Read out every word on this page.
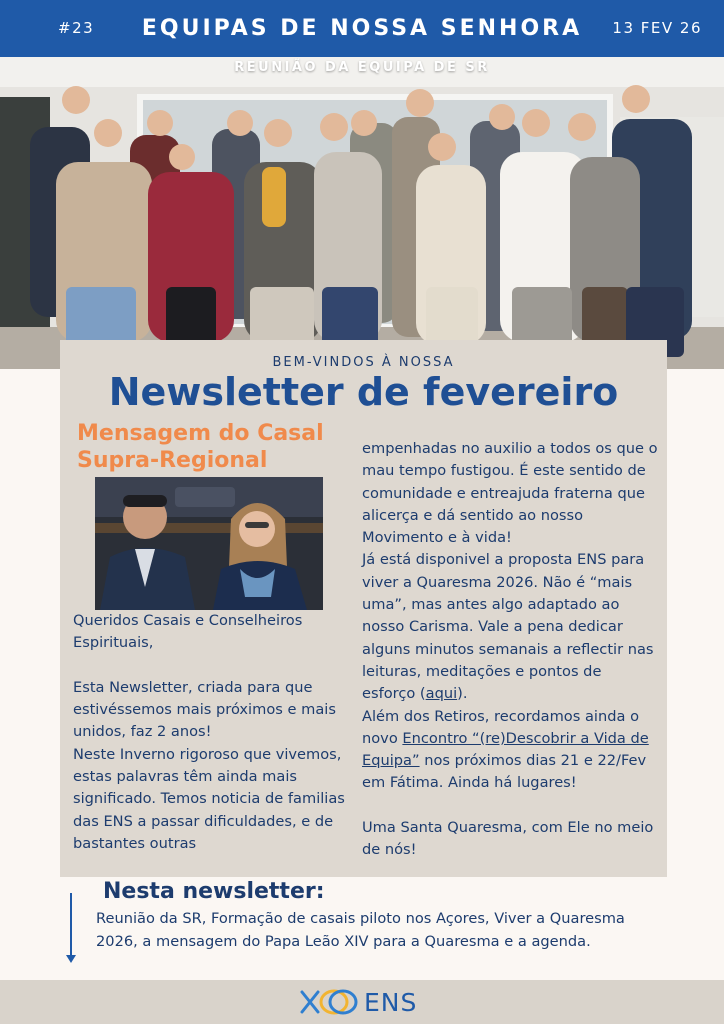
#23	EQUIPAS DE NOSSA SENHORA	13 FEV 26
REUNIÃO DA EQUIPA DE SR
BEM-VINDOS À NOSSA
Newsletter de fevereiro
Mensagem do Casal
Supra-Regional

Queridos Casais e Conselheiros Espirituais,

Esta Newsletter, criada para que estivéssemos mais próximos e mais unidos, faz 2 anos!

Neste Inverno rigoroso que vivemos, estas palavras têm ainda mais significado. Temos noticia de familias das ENS a passar dificuldades, e de bastantes outras

empenhadas no auxilio a todos os que o mau tempo fustigou. É este sentido de comunidade e entreajuda fraterna que alicerça e dá sentido ao nosso Movimento e à vida!

Já está disponivel a proposta ENS para viver a Quaresma 2026. Não é “mais uma”, mas antes algo adaptado ao nosso Carisma. Vale a pena dedicar alguns minutos semanais a reflectir nas leituras, meditações e pontos de esforço (aqui).

Além dos Retiros, recordamos ainda o novo Encontro “(re)Descobrir a Vida de Equipa” nos próximos dias 21 e 22/Fev em Fátima. Ainda há lugares!

Uma Santa Quaresma, com Ele no meio de nós!

Nesta newsletter:

Reunião da SR, Formação de casais piloto nos Açores, Viver a Quaresma 2026, a mensagem do Papa Leão XIV para a Quaresma e a agenda.

ENS
